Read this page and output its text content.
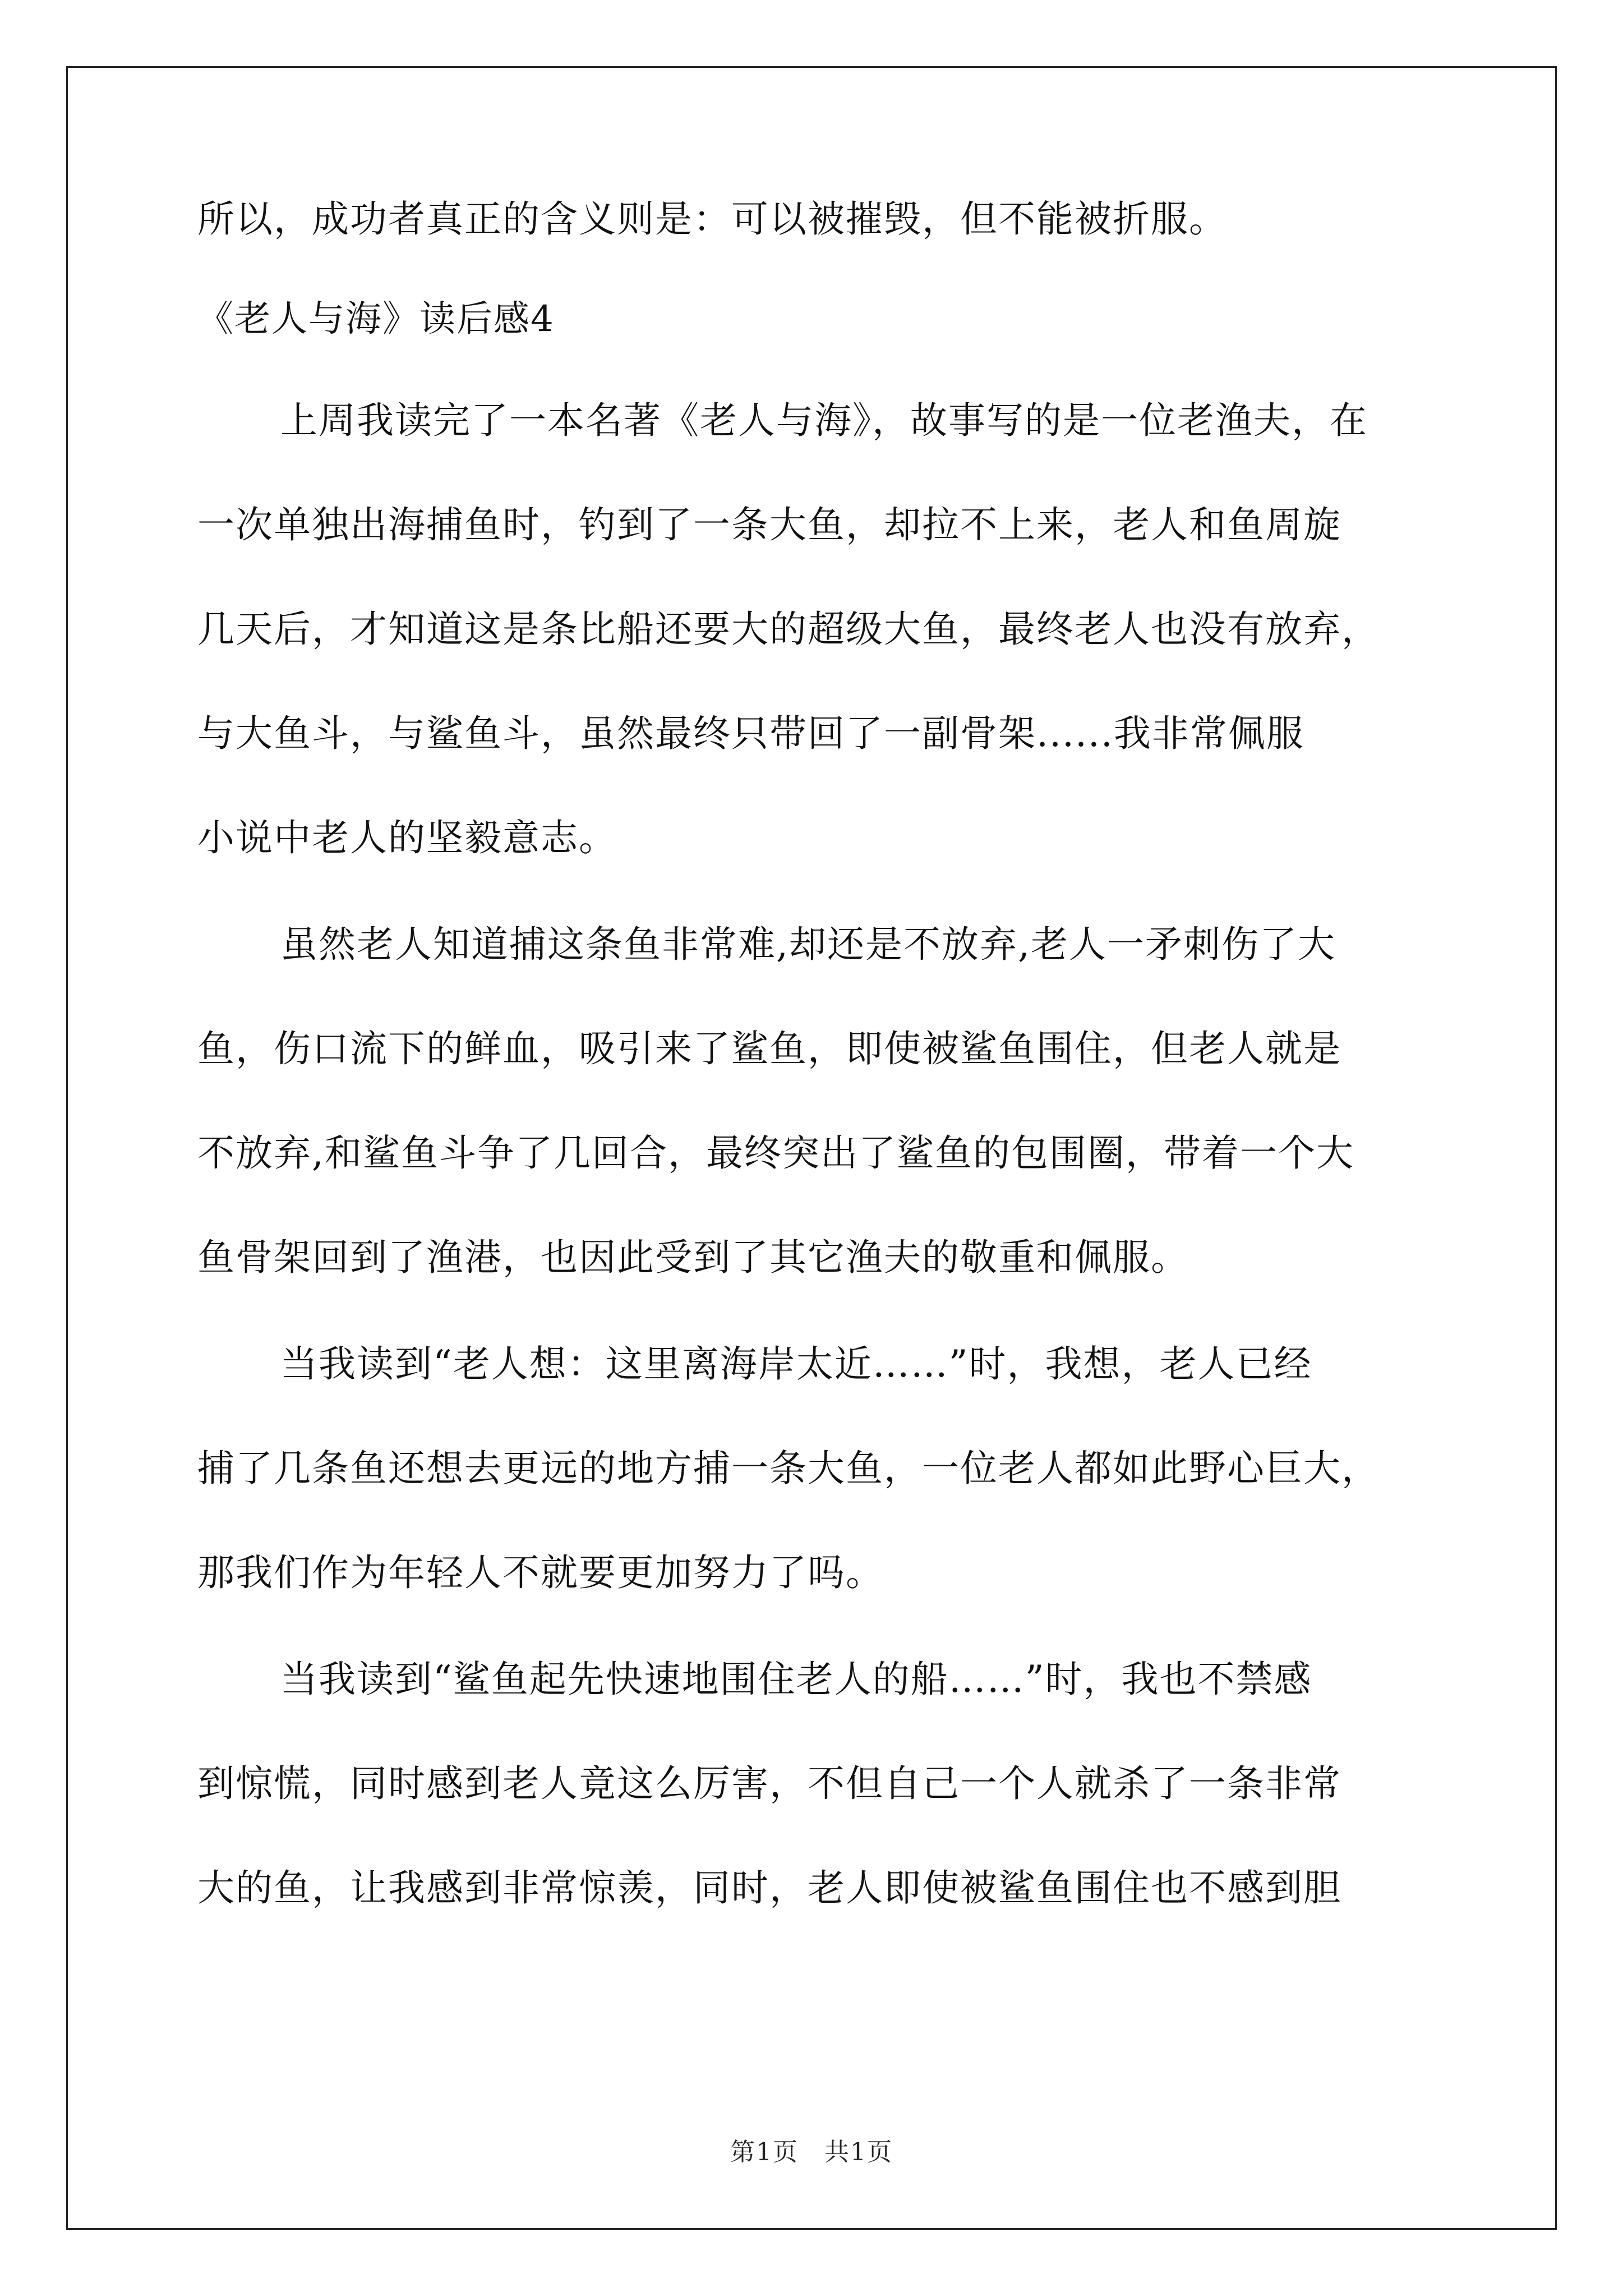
所以，成功者真正的含义则是：可以被摧毁，但不能被折服。
《老人与海》读后感4
上周我读完了一本名著《老人与海》，故事写的是一位老渔夫，在
一次单独出海捕鱼时，钓到了一条大鱼，却拉不上来，老人和鱼周旋
几天后，才知道这是条比船还要大的超级大鱼，最终老人也没有放弃，
与大鱼斗，与鲨鱼斗，虽然最终只带回了一副骨架......我非常佩服
小说中老人的坚毅意志。
虽然老人知道捕这条鱼非常难,却还是不放弃,老人一矛刺伤了大
鱼，伤口流下的鲜血，吸引来了鲨鱼，即使被鲨鱼围住，但老人就是
不放弃,和鲨鱼斗争了几回合，最终突出了鲨鱼的包围圈，带着一个大
鱼骨架回到了渔港，也因此受到了其它渔夫的敬重和佩服。
当我读到“老人想：这里离海岸太近……”时，我想，老人已经
捕了几条鱼还想去更远的地方捕一条大鱼，一位老人都如此野心巨大，
那我们作为年轻人不就要更加努力了吗。
当我读到“鲨鱼起先快速地围住老人的船……”时，我也不禁感
到惊慌，同时感到老人竟这么厉害，不但自己一个人就杀了一条非常
大的鱼，让我感到非常惊羡，同时，老人即使被鲨鱼围住也不感到胆
第1页　共1页
